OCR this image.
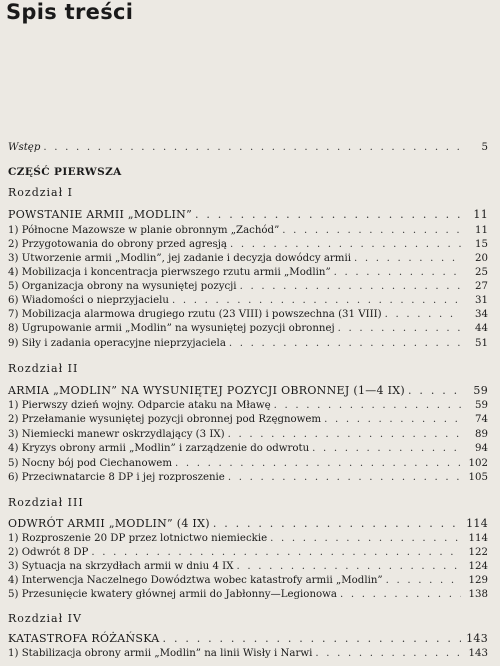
Spis treści
Wstęp . . .	5
CZĘŚĆ PIERWSZA
Rozdział I
POWSTANIE ARMII „MODLIN” . . .	11
1) Północne Mazowsze w planie obronnym „Zachód” . . .	11
2) Przygotowania do obrony przed agresją . . .	15
3) Utworzenie armii „Modlin”, jej zadanie i decyzja dowódcy armii . . .	20
4) Mobilizacja i koncentracja pierwszego rzutu armii „Modlin” . . .	25
5) Organizacja obrony na wysuniętej pozycji . . .	27
6) Wiadomości o nieprzyjacielu . . .	31
7) Mobilizacja alarmowa drugiego rzutu (23 VIII) i powszechna (31 VIII) . . .	34
8) Ugrupowanie armii „Modlin” na wysuniętej pozycji obronnej . . .	44
9) Siły i zadania operacyjne nieprzyjaciela . . .	51
Rozdział II
ARMIA „MODLIN” NA WYSUNIĘTEJ POZYCJI OBRONNEJ (1—4 IX) . . .	59
1) Pierwszy dzień wojny. Odparcie ataku na Mławę . . .	59
2) Przełamanie wysuniętej pozycji obronnej pod Rzęgnowem . . .	74
3) Niemiecki manewr oskrzydlający (3 IX) . . .	89
4) Kryzys obrony armii „Modlin” i zarządzenie do odwrotu . . .	94
5) Nocny bój pod Ciechanowem . . .	102
6) Przeciwnatarcie 8 DP i jej rozproszenie . . .	105
Rozdział III
ODWRÓT ARMII „MODLIN” (4 IX) . . .	114
1) Rozproszenie 20 DP przez lotnictwo niemieckie . . .	114
2) Odwrót 8 DP . . .	122
3) Sytuacja na skrzydłach armii w dniu 4 IX . . .	124
4) Interwencja Naczelnego Dowództwa wobec katastrofy armii „Modlin” . . .	129
5) Przesunięcie kwatery głównej armii do Jabłonny—Legionowa . . .	138
Rozdział IV
KATASTROFA RÓŻAŃSKA . . .	143
1) Stabilizacja obrony armii „Modlin” na linii Wisły i Narwi . . .	143
